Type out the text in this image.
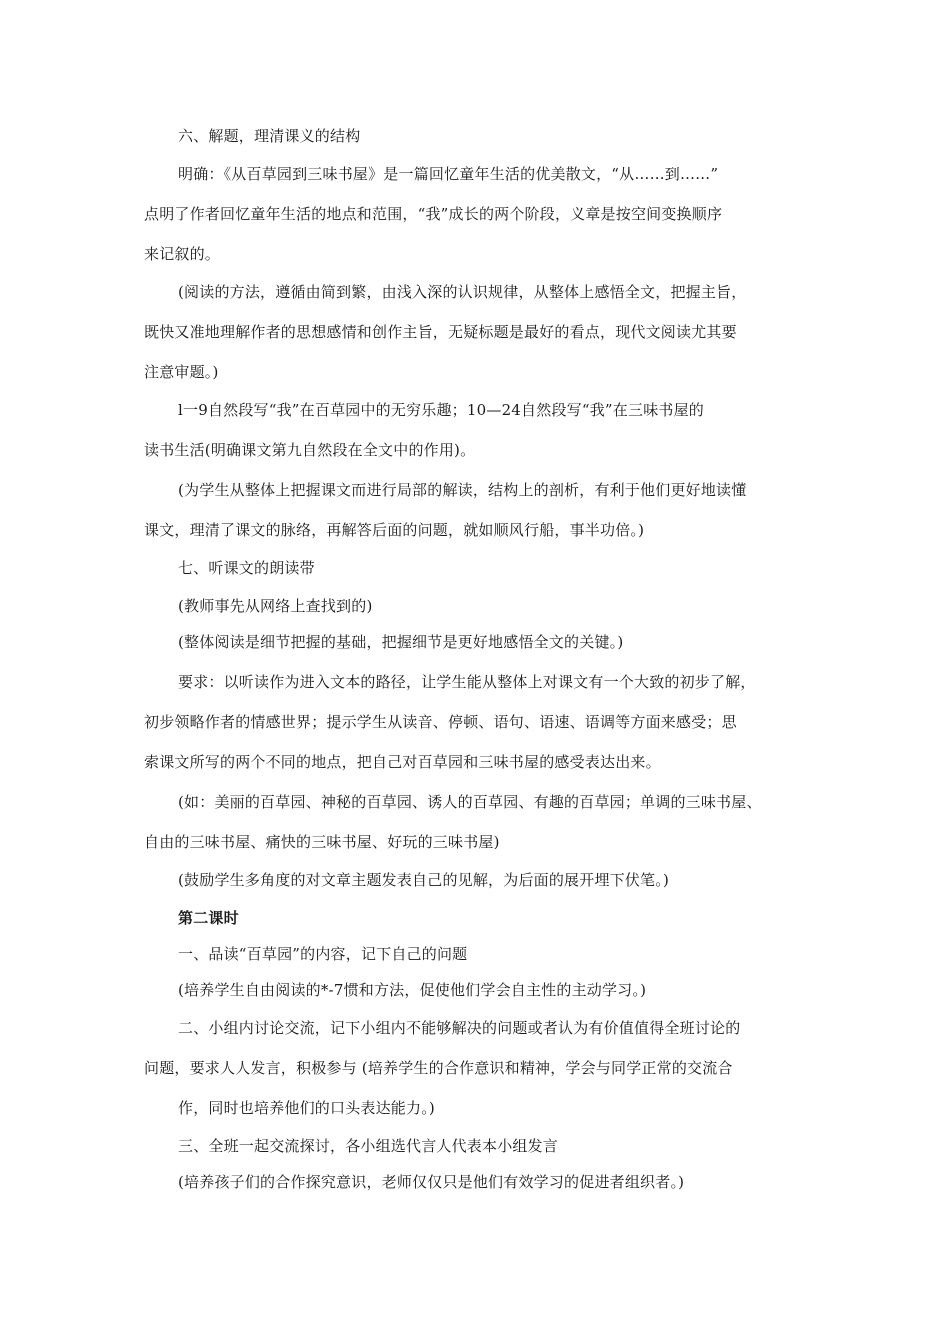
六、解题，理清课义的结构
明确：《从百草园到三味书屋》是一篇回忆童年生活的优美散文，“从……到……”
点明了作者回忆童年生活的地点和范围，“我”成长的两个阶段，义章是按空间变换顺序
来记叙的。
(阅读的方法，遵循由简到繁，由浅入深的认识规律，从整体上感悟全文，把握主旨，
既快又准地理解作者的思想感情和创作主旨，无疑标题是最好的看点，现代文阅读尤其要
注意审题。)
l一9自然段写“我”在百草园中的无穷乐趣；10—24自然段写“我”在三味书屋的
读书生活(明确课文第九自然段在全文中的作用)。
(为学生从整体上把握课文而进行局部的解读，结构上的剖析，有利于他们更好地读懂
课文，理清了课文的脉络，再解答后面的问题，就如顺风行船，事半功倍。)
七、听课文的朗读带
(教师事先从网络上查找到的)
(整体阅读是细节把握的基础，把握细节是更好地感悟全文的关键。)
要求：以听读作为进入文本的路径，让学生能从整体上对课文有一个大致的初步了解，
初步领略作者的情感世界；提示学生从读音、停顿、语句、语速、语调等方面来感受；思
索课文所写的两个不同的地点，把自己对百草园和三味书屋的感受表达出来。
(如：美丽的百草园、神秘的百草园、诱人的百草园、有趣的百草园；单调的三味书屋、
自由的三味书屋、痛快的三味书屋、好玩的三味书屋)
(鼓励学生多角度的对文章主题发表自己的见解，为后面的展开埋下伏笔。)
第二课时
一、品读“百草园”的内容，记下自己的问题
(培养学生自由阅读的*-7惯和方法，促使他们学会自主性的主动学习。)
二、小组内讨论交流，记下小组内不能够解决的问题或者认为有价值值得全班讨论的
问题，要求人人发言，积极参与 (培养学生的合作意识和精神，学会与同学正常的交流合
作，同时也培养他们的口头表达能力。)
三、全班一起交流探讨，各小组选代言人代表本小组发言
(培养孩子们的合作探究意识，老师仅仅只是他们有效学习的促进者组织者。)
